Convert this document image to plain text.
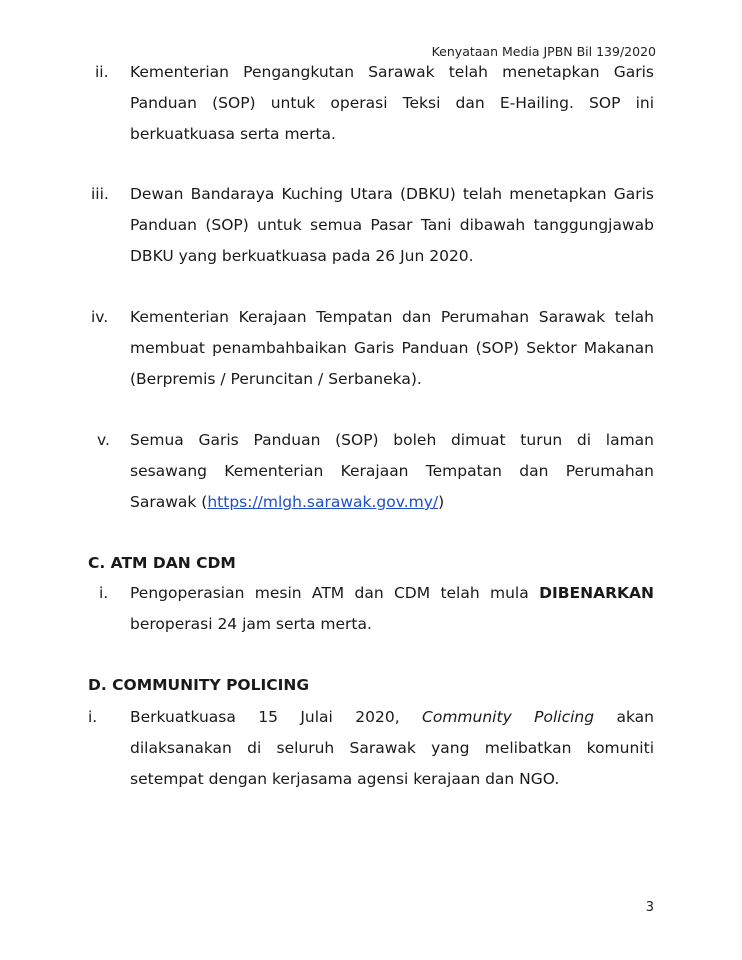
Kenyataan Media JPBN Bil 139/2020
ii. Kementerian Pengangkutan Sarawak telah menetapkan Garis Panduan (SOP) untuk operasi Teksi dan E-Hailing. SOP ini berkuatkuasa serta merta.
iii. Dewan Bandaraya Kuching Utara (DBKU) telah menetapkan Garis Panduan (SOP) untuk semua Pasar Tani dibawah tanggungjawab DBKU yang berkuatkuasa pada 26 Jun 2020.
iv. Kementerian Kerajaan Tempatan dan Perumahan Sarawak telah membuat penambahbaikan Garis Panduan (SOP) Sektor Makanan (Berpremis / Peruncitan / Serbaneka).
v. Semua Garis Panduan (SOP) boleh dimuat turun di laman sesawang Kementerian Kerajaan Tempatan dan Perumahan Sarawak (https://mlgh.sarawak.gov.my/)
C. ATM DAN CDM
i. Pengoperasian mesin ATM dan CDM telah mula DIBENARKAN beroperasi 24 jam serta merta.
D. COMMUNITY POLICING
i. Berkuatkuasa 15 Julai 2020, Community Policing akan dilaksanakan di seluruh Sarawak yang melibatkan komuniti setempat dengan kerjasama agensi kerajaan dan NGO.
3
